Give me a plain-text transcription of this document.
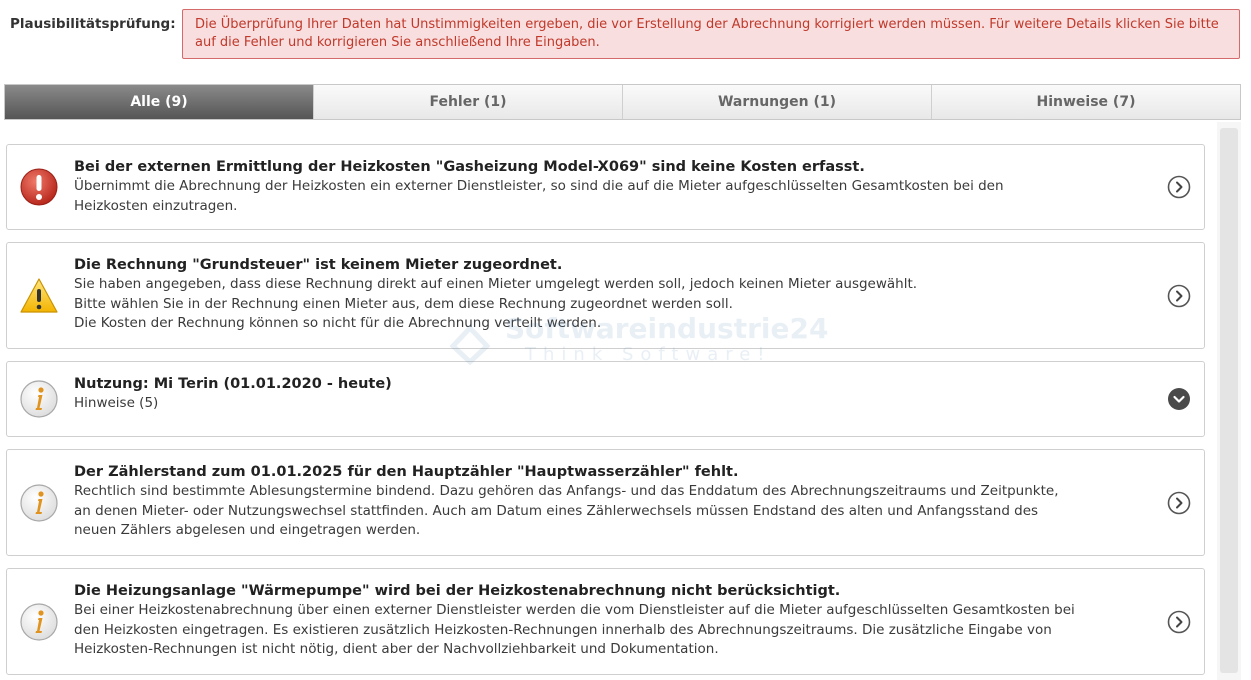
Plausibilitätsprüfung:	Die Überprüfung Ihrer Daten hat Unstimmigkeiten ergeben, die vor Erstellung der Abrechnung korrigiert werden müssen. Für weitere Details klicken Sie bitte auf die Fehler und korrigieren Sie anschließend Ihre Eingaben.
Alle (9)	Fehler (1)	Warnungen (1)	Hinweise (7)
Bei der externen Ermittlung der Heizkosten "Gasheizung Model-X069" sind keine Kosten erfasst.
Übernimmt die Abrechnung der Heizkosten ein externer Dienstleister, so sind die auf die Mieter aufgeschlüsselten Gesamtkosten bei den
Heizkosten einzutragen.
Die Rechnung "Grundsteuer" ist keinem Mieter zugeordnet.
Sie haben angegeben, dass diese Rechnung direkt auf einen Mieter umgelegt werden soll, jedoch keinen Mieter ausgewählt.
Bitte wählen Sie in der Rechnung einen Mieter aus, dem diese Rechnung zugeordnet werden soll.
Die Kosten der Rechnung können so nicht für die Abrechnung verteilt werden.
Nutzung: Mi Terin (01.01.2020 - heute)
Hinweise (5)
Der Zählerstand zum 01.01.2025 für den Hauptzähler "Hauptwasserzähler" fehlt.
Rechtlich sind bestimmte Ablesungstermine bindend. Dazu gehören das Anfangs- und das Enddatum des Abrechnungszeitraums und Zeitpunkte,
an denen Mieter- oder Nutzungswechsel stattfinden. Auch am Datum eines Zählerwechsels müssen Endstand des alten und Anfangsstand des
neuen Zählers abgelesen und eingetragen werden.
Die Heizungsanlage "Wärmepumpe" wird bei der Heizkostenabrechnung nicht berücksichtigt.
Bei einer Heizkostenabrechnung über einen externer Dienstleister werden die vom Dienstleister auf die Mieter aufgeschlüsselten Gesamtkosten bei
den Heizkosten eingetragen. Es existieren zusätzlich Heizkosten-Rechnungen innerhalb des Abrechnungszeitraums. Die zusätzliche Eingabe von
Heizkosten-Rechnungen ist nicht nötig, dient aber der Nachvollziehbarkeit und Dokumentation.
Think Software!
